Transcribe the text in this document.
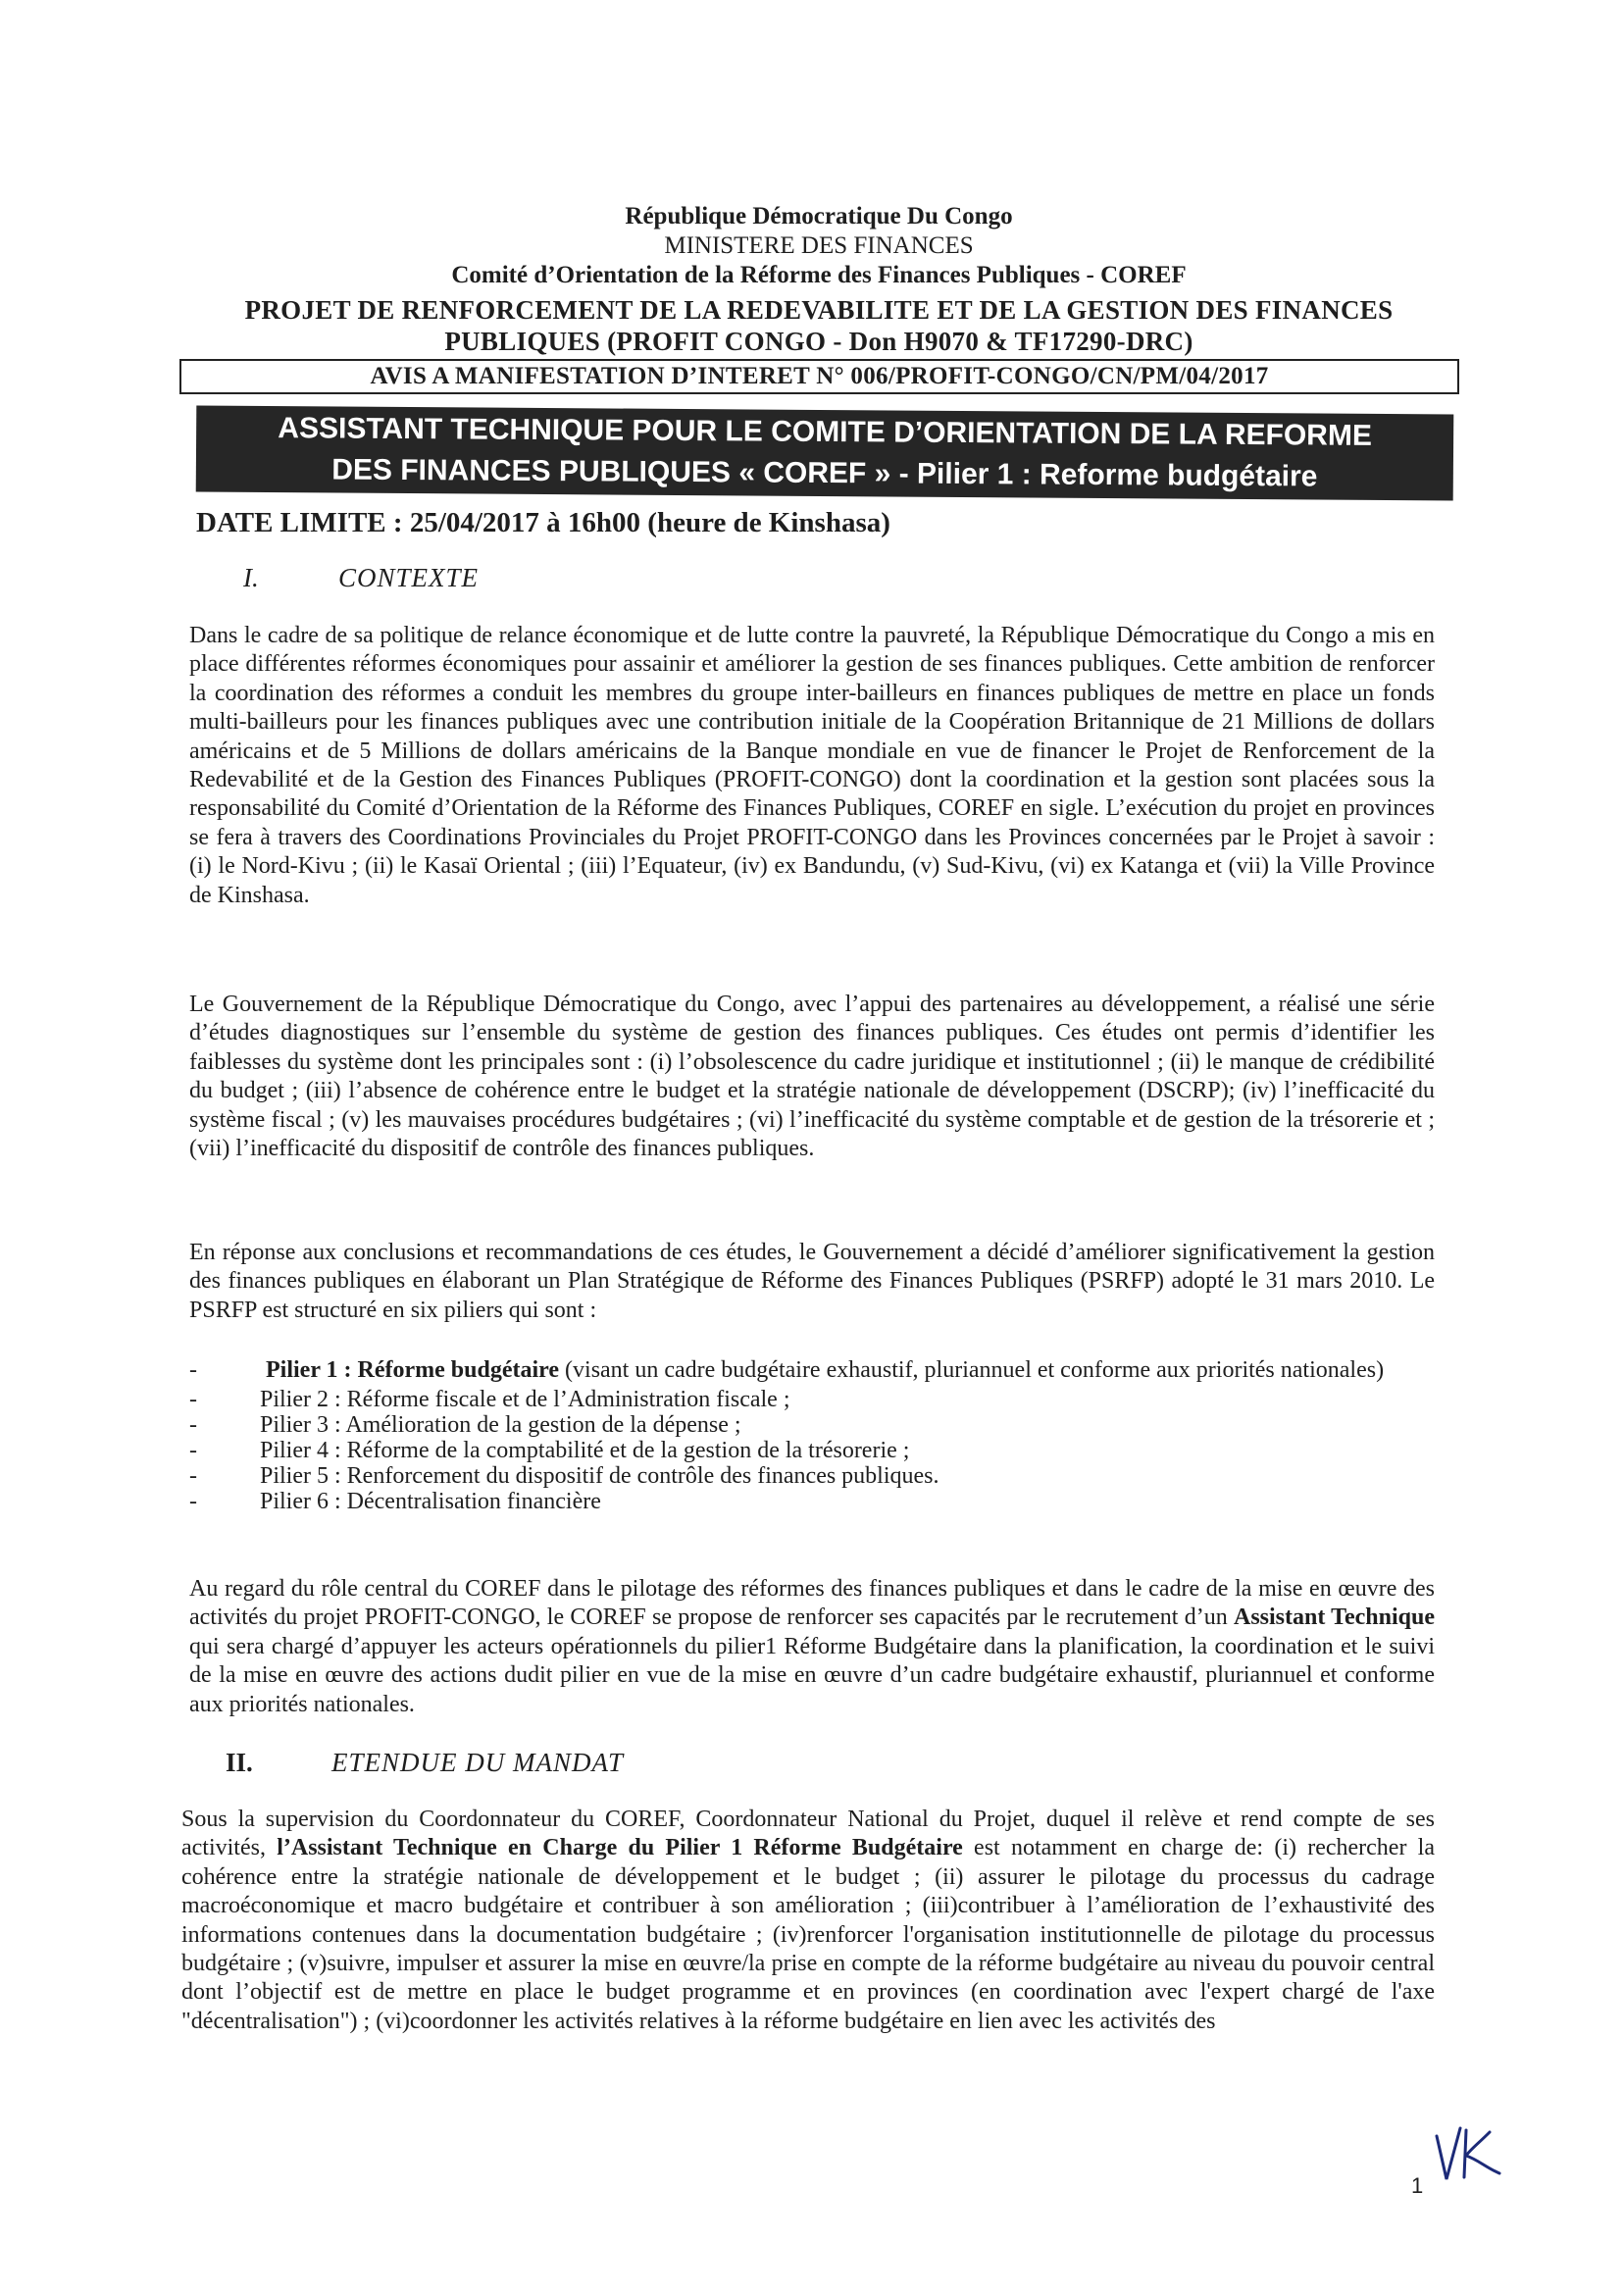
République Démocratique Du Congo
MINISTERE DES FINANCES
Comité d’Orientation de la Réforme des Finances Publiques - COREF
PROJET DE RENFORCEMENT DE LA REDEVABILITE ET DE LA GESTION DES FINANCES
PUBLIQUES (PROFIT CONGO - Don H9070 & TF17290-DRC)
AVIS A MANIFESTATION D’INTERET N° 006/PROFIT-CONGO/CN/PM/04/2017
ASSISTANT TECHNIQUE POUR LE COMITE D’ORIENTATION DE LA REFORME
DES FINANCES PUBLIQUES « COREF » - Pilier 1 : Reforme budgétaire
DATE LIMITE : 25/04/2017 à 16h00 (heure de Kinshasa)
I.	CONTEXTE

Dans le cadre de sa politique de relance économique et de lutte contre la pauvreté, la République Démocratique du Congo a mis en place différentes réformes économiques pour assainir et améliorer la gestion de ses finances publiques. Cette ambition de renforcer la coordination des réformes a conduit les membres du groupe inter-bailleurs en finances publiques de mettre en place un fonds multi-bailleurs pour les finances publiques avec une contribution initiale de la Coopération Britannique de 21 Millions de dollars américains et de 5 Millions de dollars américains de la Banque mondiale en vue de financer le Projet de Renforcement de la Redevabilité et de la Gestion des Finances Publiques (PROFIT-CONGO) dont la coordination et la gestion sont placées sous la responsabilité du Comité d’Orientation de la Réforme des Finances Publiques, COREF en sigle. L’exécution du projet en provinces se fera à travers des Coordinations Provinciales du Projet PROFIT-CONGO dans les Provinces concernées par le Projet à savoir : (i) le Nord-Kivu ; (ii) le Kasaï Oriental ; (iii) l’Equateur, (iv) ex Bandundu, (v) Sud-Kivu, (vi) ex Katanga et (vii) la Ville Province de Kinshasa.

Le Gouvernement de la République Démocratique du Congo, avec l’appui des partenaires au développement, a réalisé une série d’études diagnostiques sur l’ensemble du système de gestion des finances publiques. Ces études ont permis d’identifier les faiblesses du système dont les principales sont : (i) l’obsolescence du cadre juridique et institutionnel ; (ii) le manque de crédibilité du budget ; (iii) l’absence de cohérence entre le budget et la stratégie nationale de développement (DSCRP); (iv) l’inefficacité du système fiscal ; (v) les mauvaises procédures budgétaires ; (vi) l’inefficacité du système comptable et de gestion de la trésorerie et ; (vii) l’inefficacité du dispositif de contrôle des finances publiques.

En réponse aux conclusions et recommandations de ces études, le Gouvernement a décidé d’améliorer significativement la gestion des finances publiques en élaborant un Plan Stratégique de Réforme des Finances Publiques (PSRFP) adopté le 31 mars 2010. Le PSRFP est structuré en six piliers qui sont :

-	Pilier 1 : Réforme budgétaire (visant un cadre budgétaire exhaustif, pluriannuel et conforme aux priorités nationales)
-	Pilier 2 : Réforme fiscale et de l’Administration fiscale ;
-	Pilier 3 : Amélioration de la gestion de la dépense ;
-	Pilier 4 : Réforme de la comptabilité et de la gestion de la trésorerie ;
-	Pilier 5 : Renforcement du dispositif de contrôle des finances publiques.
-	Pilier 6 : Décentralisation financière

Au regard du rôle central du COREF dans le pilotage des réformes des finances publiques et dans le cadre de la mise en œuvre des activités du projet PROFIT-CONGO, le COREF se propose de renforcer ses capacités par le recrutement d’un Assistant Technique qui sera chargé d’appuyer les acteurs opérationnels du pilier1 Réforme Budgétaire dans la planification, la coordination et le suivi de la mise en œuvre des actions dudit pilier en vue de la mise en œuvre d’un cadre budgétaire exhaustif, pluriannuel et conforme aux priorités nationales.

II.	ETENDUE DU MANDAT

Sous la supervision du Coordonnateur du COREF, Coordonnateur National du Projet, duquel il relève et rend compte de ses activités, l’Assistant Technique en Charge du Pilier 1 Réforme Budgétaire est notamment en charge de: (i) rechercher la cohérence entre la stratégie nationale de développement et le budget ; (ii) assurer le pilotage du processus du cadrage macroéconomique et macro budgétaire et contribuer à son amélioration ; (iii)contribuer à l’amélioration de l’exhaustivité des informations contenues dans la documentation budgétaire ; (iv)renforcer l'organisation institutionnelle de pilotage du processus budgétaire ; (v)suivre, impulser et assurer la mise en œuvre/la prise en compte de la réforme budgétaire au niveau du pouvoir central dont l’objectif est de mettre en place le budget programme et en provinces (en coordination avec l'expert chargé de l'axe "décentralisation") ; (vi)coordonner les activités relatives à la réforme budgétaire en lien avec les activités des

1
